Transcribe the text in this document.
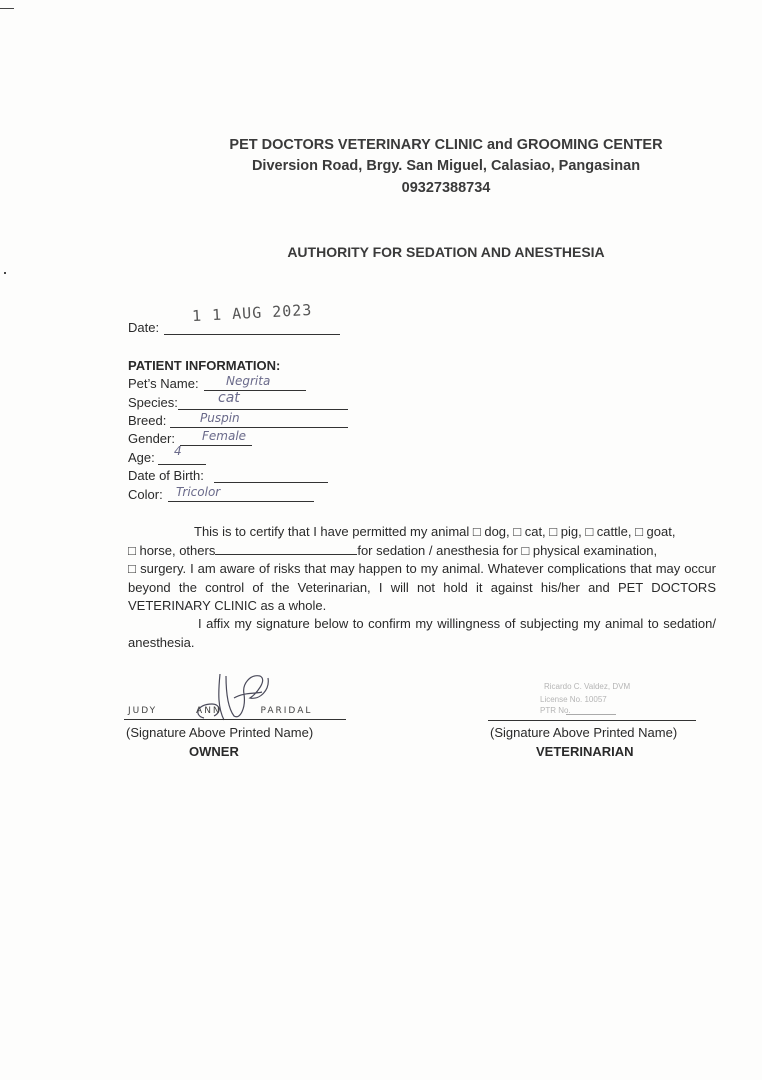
PET DOCTORS VETERINARY CLINIC and GROOMING CENTER
Diversion Road, Brgy. San Miguel, Calasiao, Pangasinan
09327388734
AUTHORITY FOR SEDATION AND ANESTHESIA
Date:
1 1 AUG 2023
PATIENT INFORMATION:
Pet’s Name: Negrita
Species:	cat
Breed:	Puspin
Gender: Female
Age: 4
Date of Birth:
Color: Tricolor
This is to certify that I have permitted my animal □ dog, □ cat, □ pig, □ cattle, □ goat,
□ horse, others	for sedation / anesthesia for □ physical examination,
□ surgery. I am aware of risks that may happen to my animal. Whatever complications that may occur beyond the control of the Veterinarian, I will not hold it against his/her and PET DOCTORS VETERINARY CLINIC as a whole.
I affix my signature below to confirm my willingness of subjecting my animal to sedation/ anesthesia.
JUDY ANN PARIDAL
(Signature Above Printed Name)
OWNER
Ricardo C. Valdez, DVM
License No. 10057
PTR No.
(Signature Above Printed Name)
VETERINARIAN
